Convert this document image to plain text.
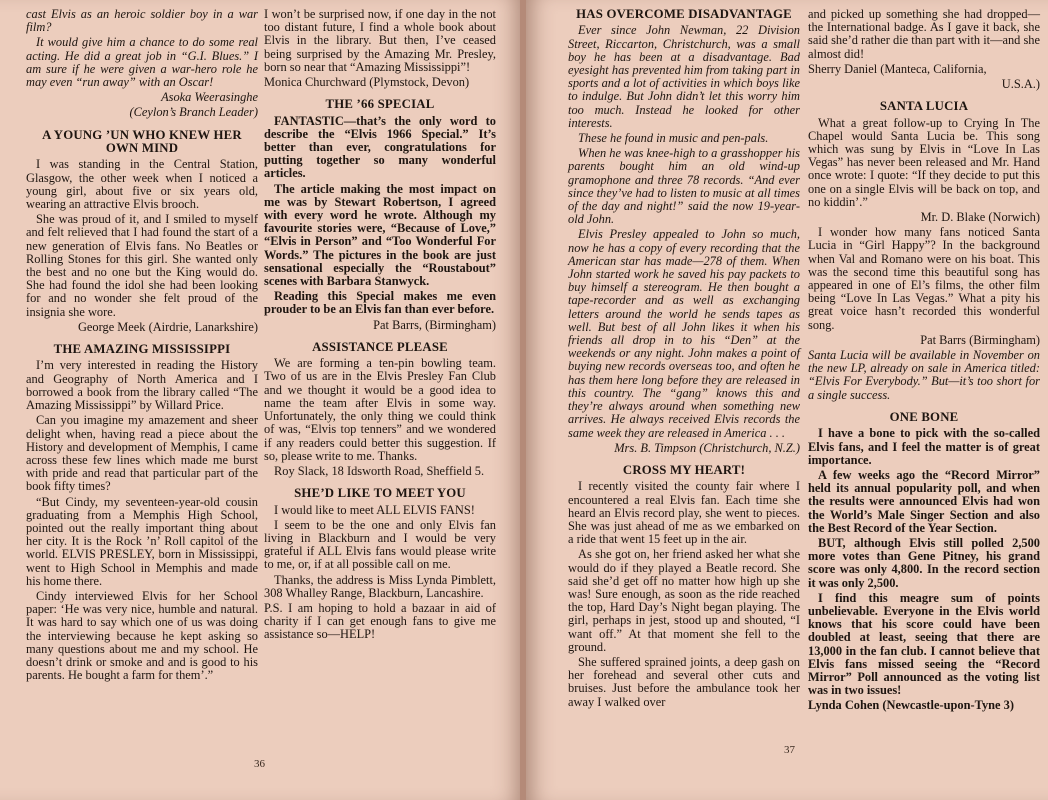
cast Elvis as an heroic soldier boy in a war film?

It would give him a chance to do some real acting. He did a great job in “G.I. Blues.” I am sure if he were given a war-hero role he may even “run away” with an Oscar!

Asoka Weerasinghe

(Ceylon’s Branch Leader)

A YOUNG ’UN WHO KNEW HER OWN MIND

I was standing in the Central Station, Glasgow, the other week when I noticed a young girl, about five or six years old, wearing an attractive Elvis brooch.

She was proud of it, and I smiled to myself and felt relieved that I had found the start of a new generation of Elvis fans. No Beatles or Rolling Stones for this girl. She wanted only the best and no one but the King would do. She had found the idol she had been looking for and no wonder she felt proud of the insignia she wore.

George Meek (Airdrie, Lanarkshire)

THE AMAZING MISSISSIPPI

I’m very interested in reading the History and Geography of North America and I borrowed a book from the library called “The Amazing Mississippi” by Willard Price.

Can you imagine my amazement and sheer delight when, having read a piece about the History and development of Memphis, I came across these few lines which made me burst with pride and read that particular part of the book fifty times?

“But Cindy, my seventeen-year-old cousin graduating from a Memphis High School, pointed out the really important thing about her city. It is the Rock ’n’ Roll capitol of the world. ELVIS PRESLEY, born in Mississippi, went to High School in Memphis and made his home there.

Cindy interviewed Elvis for her School paper: ‘He was very nice, humble and natural. It was hard to say which one of us was doing the interviewing because he kept asking so many questions about me and my school. He doesn’t drink or smoke and and is good to his parents. He bought a farm for them’.”

I won’t be surprised now, if one day in the not too distant future, I find a whole book about Elvis in the library. But then, I’ve ceased being surprised by the Amazing Mr. Presley, born so near that “Amazing Mississippi”!

Monica Churchward (Plymstock, Devon)

THE ’66 SPECIAL

FANTASTIC—that’s the only word to describe the “Elvis 1966 Special.” It’s better than ever, congratulations for putting together so many wonderful articles.

The article making the most impact on me was by Stewart Robertson, I agreed with every word he wrote. Although my favourite stories were, “Because of Love,” “Elvis in Person” and “Too Wonderful For Words.” The pictures in the book are just sensational especially the “Roustabout” scenes with Barbara Stanwyck.

Reading this Special makes me even prouder to be an Elvis fan than ever before.

Pat Barrs, (Birmingham)

ASSISTANCE PLEASE

We are forming a ten-pin bowling team. Two of us are in the Elvis Presley Fan Club and we thought it would be a good idea to name the team after Elvis in some way. Unfortunately, the only thing we could think of was, “Elvis top tenners” and we wondered if any readers could better this suggestion. If so, please write to me. Thanks.

Roy Slack, 18 Idsworth Road, Sheffield 5.

SHE’D LIKE TO MEET YOU

I would like to meet ALL ELVIS FANS!

I seem to be the one and only Elvis fan living in Blackburn and I would be very grateful if ALL Elvis fans would please write to me, or, if at all possible call on me.

Thanks, the address is Miss Lynda Pimblett, 308 Whalley Range, Blackburn, Lancashire.

P.S. I am hoping to hold a bazaar in aid of charity if I can get enough fans to give me assistance so—HELP!

36
HAS OVERCOME DISADVANTAGE

Ever since John Newman, 22 Division Street, Riccarton, Christchurch, was a small boy he has been at a disadvantage. Bad eyesight has prevented him from taking part in sports and a lot of activities in which boys like to indulge. But John didn’t let this worry him too much. Instead he looked for other interests.

These he found in music and pen-pals.

When he was knee-high to a grasshopper his parents bought him an old wind-up gramophone and three 78 records. “And ever since they’ve had to listen to music at all times of the day and night!” said the now 19-year-old John.

Elvis Presley appealed to John so much, now he has a copy of every recording that the American star has made—278 of them. When John started work he saved his pay packets to buy himself a stereogram. He then bought a tape-recorder and as well as exchanging letters around the world he sends tapes as well. But best of all John likes it when his friends all drop in to his “Den” at the weekends or any night. John makes a point of buying new records overseas too, and often he has them here long before they are released in this country. The “gang” knows this and they’re always around when something new arrives. He always received Elvis records the same week they are released in America . . .

Mrs. B. Timpson (Christchurch, N.Z.)

CROSS MY HEART!

I recently visited the county fair where I encountered a real Elvis fan. Each time she heard an Elvis record play, she went to pieces. She was just ahead of me as we embarked on a ride that went 15 feet up in the air.

As she got on, her friend asked her what she would do if they played a Beatle record. She said she’d get off no matter how high up she was! Sure enough, as soon as the ride reached the top, Hard Day’s Night began playing. The girl, perhaps in jest, stood up and shouted, “I want off.” At that moment she fell to the ground.

She suffered sprained joints, a deep gash on her forehead and several other cuts and bruises. Just before the ambulance took her away I walked over

and picked up something she had dropped—the International badge. As I gave it back, she said she’d rather die than part with it—and she almost did!

Sherry Daniel (Manteca, California,

U.S.A.)

SANTA LUCIA

What a great follow-up to Crying In The Chapel would Santa Lucia be. This song which was sung by Elvis in “Love In Las Vegas” has never been released and Mr. Hand once wrote: I quote: “If they decide to put this one on a single Elvis will be back on top, and no kiddin’.”

Mr. D. Blake (Norwich)

I wonder how many fans noticed Santa Lucia in “Girl Happy”? In the background when Val and Romano were on his boat. This was the second time this beautiful song has appeared in one of El’s films, the other film being “Love In Las Vegas.” What a pity his great voice hasn’t recorded this wonderful song.

Pat Barrs (Birmingham)

Santa Lucia will be available in November on the new LP, already on sale in America titled: “Elvis For Everybody.” But—it’s too short for a single success.

ONE BONE

I have a bone to pick with the so-called Elvis fans, and I feel the matter is of great importance.

A few weeks ago the “Record Mirror” held its annual popularity poll, and when the results were announced Elvis had won the World’s Male Singer Section and also the Best Record of the Year Section.

BUT, although Elvis still polled 2,500 more votes than Gene Pitney, his grand score was only 4,800. In the record section it was only 2,500.

I find this meagre sum of points unbelievable. Everyone in the Elvis world knows that his score could have been doubled at least, seeing that there are 13,000 in the fan club. I cannot believe that Elvis fans missed seeing the “Record Mirror” Poll announced as the voting list was in two issues!

Lynda Cohen (Newcastle-upon-Tyne 3)

37
